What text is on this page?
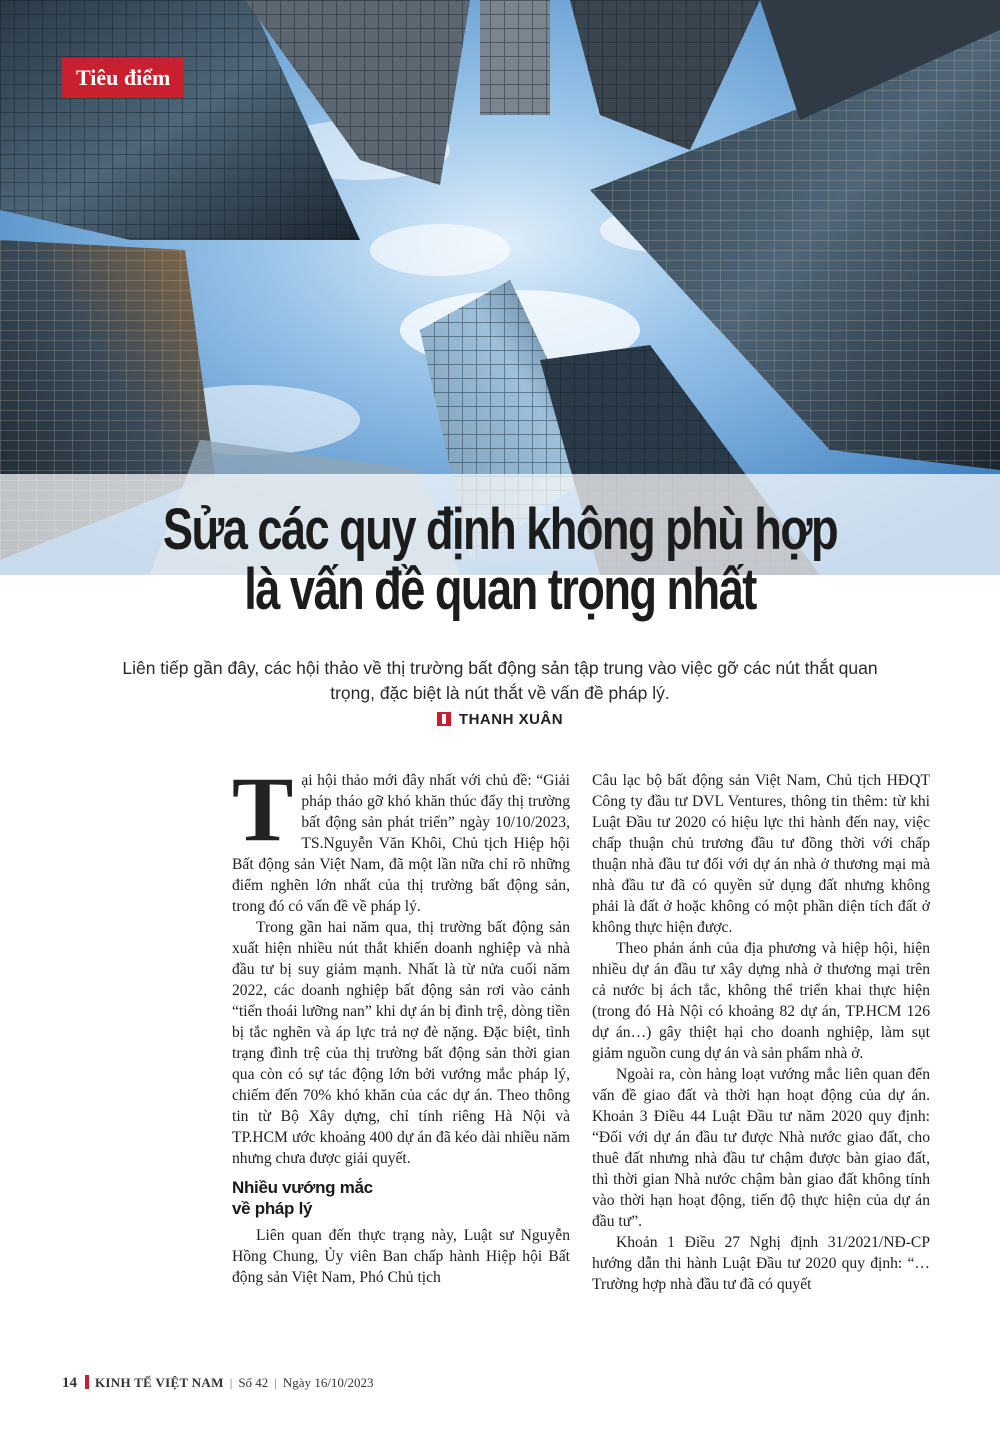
Tiêu điểm
Sửa các quy định không phù hợp
là vấn đề quan trọng nhất
Liên tiếp gần đây, các hội thảo về thị trường bất động sản tập trung vào việc gỡ các nút thắt quan trọng, đặc biệt là nút thắt về vấn đề pháp lý.
THANH XUÂN

Tại hội thảo mới đây nhất với chủ đề: “Giải pháp tháo gỡ khó khăn thúc đẩy thị trường bất động sản phát triển” ngày 10/10/2023, TS.Nguyễn Văn Khôi, Chủ tịch Hiệp hội Bất động sản Việt Nam, đã một lần nữa chỉ rõ những điểm nghẽn lớn nhất của thị trường bất động sản, trong đó có vấn đề về pháp lý.

Trong gần hai năm qua, thị trường bất động sản xuất hiện nhiều nút thắt khiến doanh nghiệp và nhà đầu tư bị suy giảm mạnh. Nhất là từ nửa cuối năm 2022, các doanh nghiệp bất động sản rơi vào cảnh “tiến thoái lưỡng nan” khi dự án bị đình trệ, dòng tiền bị tắc nghẽn và áp lực trả nợ đè nặng. Đặc biệt, tình trạng đình trệ của thị trường bất động sản thời gian qua còn có sự tác động lớn bởi vướng mắc pháp lý, chiếm đến 70% khó khăn của các dự án. Theo thông tin từ Bộ Xây dựng, chỉ tính riêng Hà Nội và TP.HCM ước khoảng 400 dự án đã kéo dài nhiều năm nhưng chưa được giải quyết.

Nhiều vướng mắc
về pháp lý

Liên quan đến thực trạng này, Luật sư Nguyễn Hồng Chung, Ủy viên Ban chấp hành Hiệp hội Bất động sản Việt Nam, Phó Chủ tịch

Câu lạc bộ bất động sản Việt Nam, Chủ tịch HĐQT Công ty đầu tư DVL Ventures, thông tin thêm: từ khi Luật Đầu tư 2020 có hiệu lực thi hành đến nay, việc chấp thuận chủ trương đầu tư đồng thời với chấp thuận nhà đầu tư đối với dự án nhà ở thương mại mà nhà đầu tư đã có quyền sử dụng đất nhưng không phải là đất ở hoặc không có một phần diện tích đất ở không thực hiện được.

Theo phản ánh của địa phương và hiệp hội, hiện nhiều dự án đầu tư xây dựng nhà ở thương mại trên cả nước bị ách tắc, không thể triển khai thực hiện (trong đó Hà Nội có khoảng 82 dự án, TP.HCM 126 dự án…) gây thiệt hại cho doanh nghiệp, làm sụt giảm nguồn cung dự án và sản phẩm nhà ở.

Ngoài ra, còn hàng loạt vướng mắc liên quan đến vấn đề giao đất và thời hạn hoạt động của dự án. Khoản 3 Điều 44 Luật Đầu tư năm 2020 quy định: “Đối với dự án đầu tư được Nhà nước giao đất, cho thuê đất nhưng nhà đầu tư chậm được bàn giao đất, thì thời gian Nhà nước chậm bàn giao đất không tính vào thời hạn hoạt động, tiến độ thực hiện của dự án đầu tư”.

Khoản 1 Điều 27 Nghị định 31/2021/NĐ-CP hướng dẫn thi hành Luật Đầu tư 2020 quy định: “…Trường hợp nhà đầu tư đã có quyết

14 KINH TẾ VIỆT NAM | Số 42 | Ngày 16/10/2023
